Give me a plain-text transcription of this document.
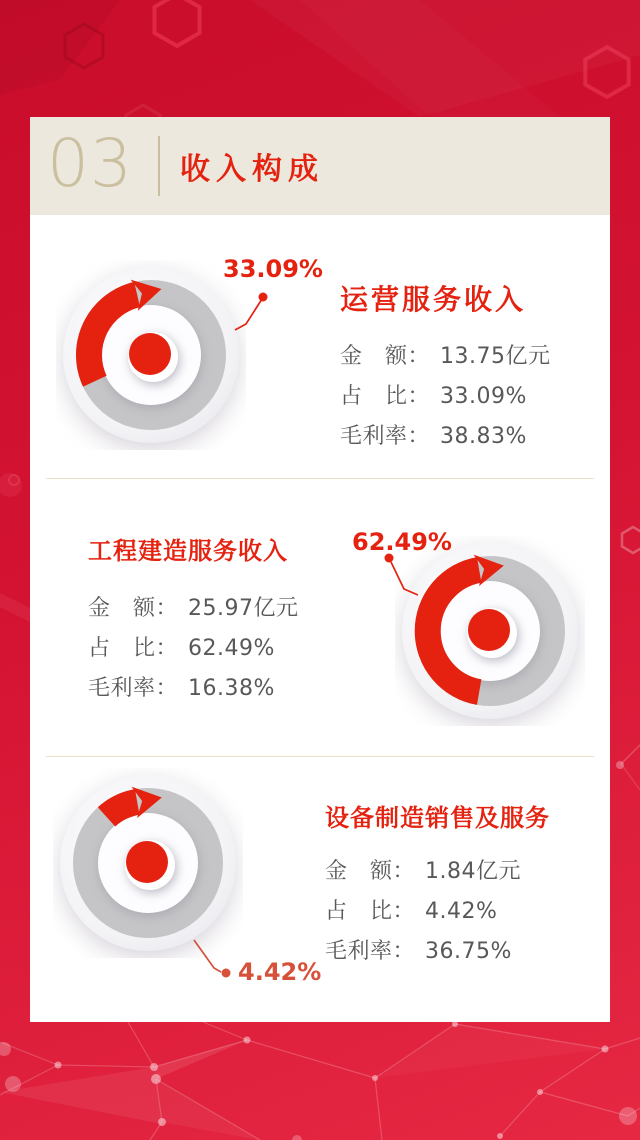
03 收入构成
33.09%
运营服务收入
金　额： 13.75亿元
占　比： 33.09%
毛利率： 38.83%
62.49%
工程建造服务收入
金　额： 25.97亿元
占　比： 62.49%
毛利率： 16.38%
4.42%
设备制造销售及服务
金　额： 1.84亿元
占　比： 4.42%
毛利率： 36.75%
